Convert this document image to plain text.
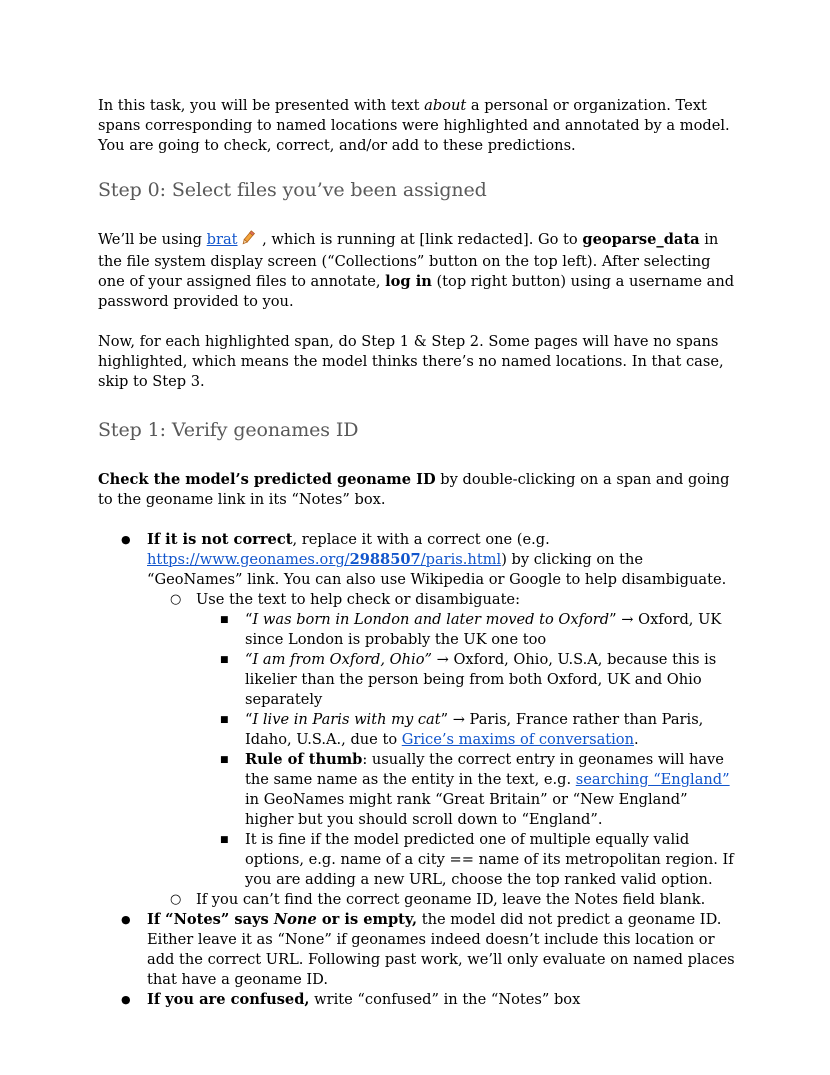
In this task, you will be presented with text about a personal or organization. Text spans corresponding to named locations were highlighted and annotated by a model. You are going to check, correct, and/or add to these predictions.

Step 0: Select files you’ve been assigned

We’ll be using brat , which is running at [link redacted]. Go to geoparse_data in the file system display screen (“Collections” button on the top left). After selecting one of your assigned files to annotate, log in (top right button) using a username and password provided to you.

Now, for each highlighted span, do Step 1 & Step 2. Some pages will have no spans highlighted, which means the model thinks there’s no named locations. In that case, skip to Step 3.

Step 1: Verify geonames ID

Check the model’s predicted geoname ID by double-clicking on a span and going to the geoname link in its “Notes” box.

● If it is not correct, replace it with a correct one (e.g. https://www.geonames.org/2988507/paris.html) by clicking on the “GeoNames” link. You can also use Wikipedia or Google to help disambiguate.
○ Use the text to help check or disambiguate:
■ “I was born in London and later moved to Oxford” → Oxford, UK since London is probably the UK one too
■ “I am from Oxford, Ohio” → Oxford, Ohio, U.S.A, because this is likelier than the person being from both Oxford, UK and Ohio separately
■ “I live in Paris with my cat” → Paris, France rather than Paris, Idaho, U.S.A., due to Grice’s maxims of conversation.
■ Rule of thumb: usually the correct entry in geonames will have the same name as the entity in the text, e.g. searching “England” in GeoNames might rank “Great Britain” or “New England” higher but you should scroll down to “England”.
■ It is fine if the model predicted one of multiple equally valid options, e.g. name of a city == name of its metropolitan region. If you are adding a new URL, choose the top ranked valid option.
○ If you can’t find the correct geoname ID, leave the Notes field blank.
● If “Notes” says None or is empty, the model did not predict a geoname ID. Either leave it as “None” if geonames indeed doesn’t include this location or add the correct URL. Following past work, we’ll only evaluate on named places that have a geoname ID.
● If you are confused, write “confused” in the “Notes” box
